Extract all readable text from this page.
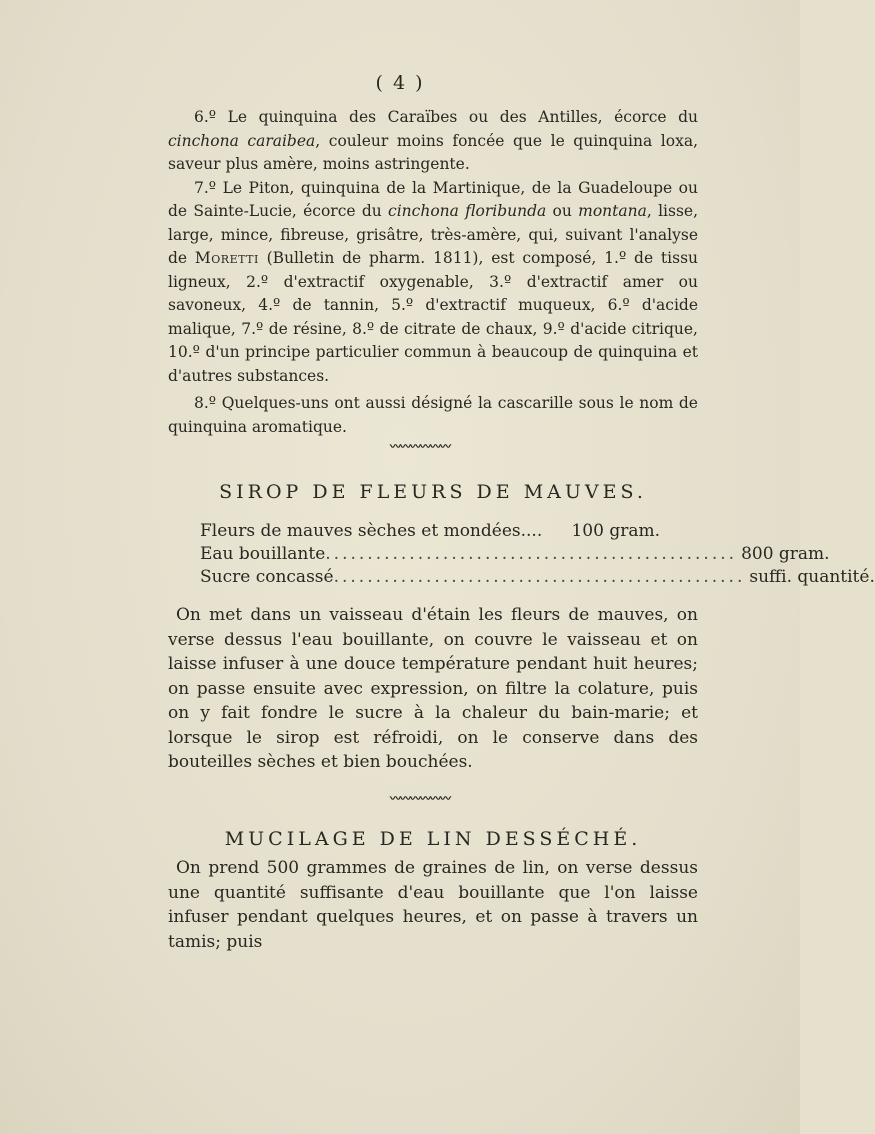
( 4 )

6.º Le quinquina des Caraïbes ou des Antilles, écorce du cinchona caraibea, couleur moins foncée que le quinquina loxa, saveur plus amère, moins astringente.

7.º Le Piton, quinquina de la Martinique, de la Guadeloupe ou de Sainte-Lucie, écorce du cinchona floribunda ou montana, lisse, large, mince, fibreuse, grisâtre, très-amère, qui, suivant l'analyse de Moretti (Bulletin de pharm. 1811), est composé, 1.º de tissu ligneux, 2.º d'extractif oxygenable, 3.º d'extractif amer ou savoneux, 4.º de tannin, 5.º d'extractif muqueux, 6.º d'acide malique, 7.º de résine, 8.º de citrate de chaux, 9.º d'acide citrique, 10.º d'un principe particulier commun à beaucoup de quinquina et d'autres substances.

8.º Quelques-uns ont aussi désigné la cascarille sous le nom de quinquina aromatique.

〰〰〰〰〰〰
SIROP DE FLEURS DE MAUVES.
Fleurs de mauves sèches et mondées.... 100 gram.
Eau bouillante ................................................. 800 gram.
Sucre concassé ................................................. suffi. quantité.

On met dans un vaisseau d'étain les fleurs de mauves, on verse dessus l'eau bouillante, on couvre le vaisseau et on laisse infuser à une douce température pendant huit heures; on passe ensuite avec expression, on filtre la colature, puis on y fait fondre le sucre à la chaleur du bain-marie; et lorsque le sirop est réfroidi, on le conserve dans des bouteilles sèches et bien bouchées.

〰〰〰〰〰〰
MUCILAGE DE LIN DESSÉCHÉ.

On prend 500 grammes de graines de lin, on verse dessus une quantité suffisante d'eau bouillante que l'on laisse infuser pendant quelques heures, et on passe à travers un tamis; puis
